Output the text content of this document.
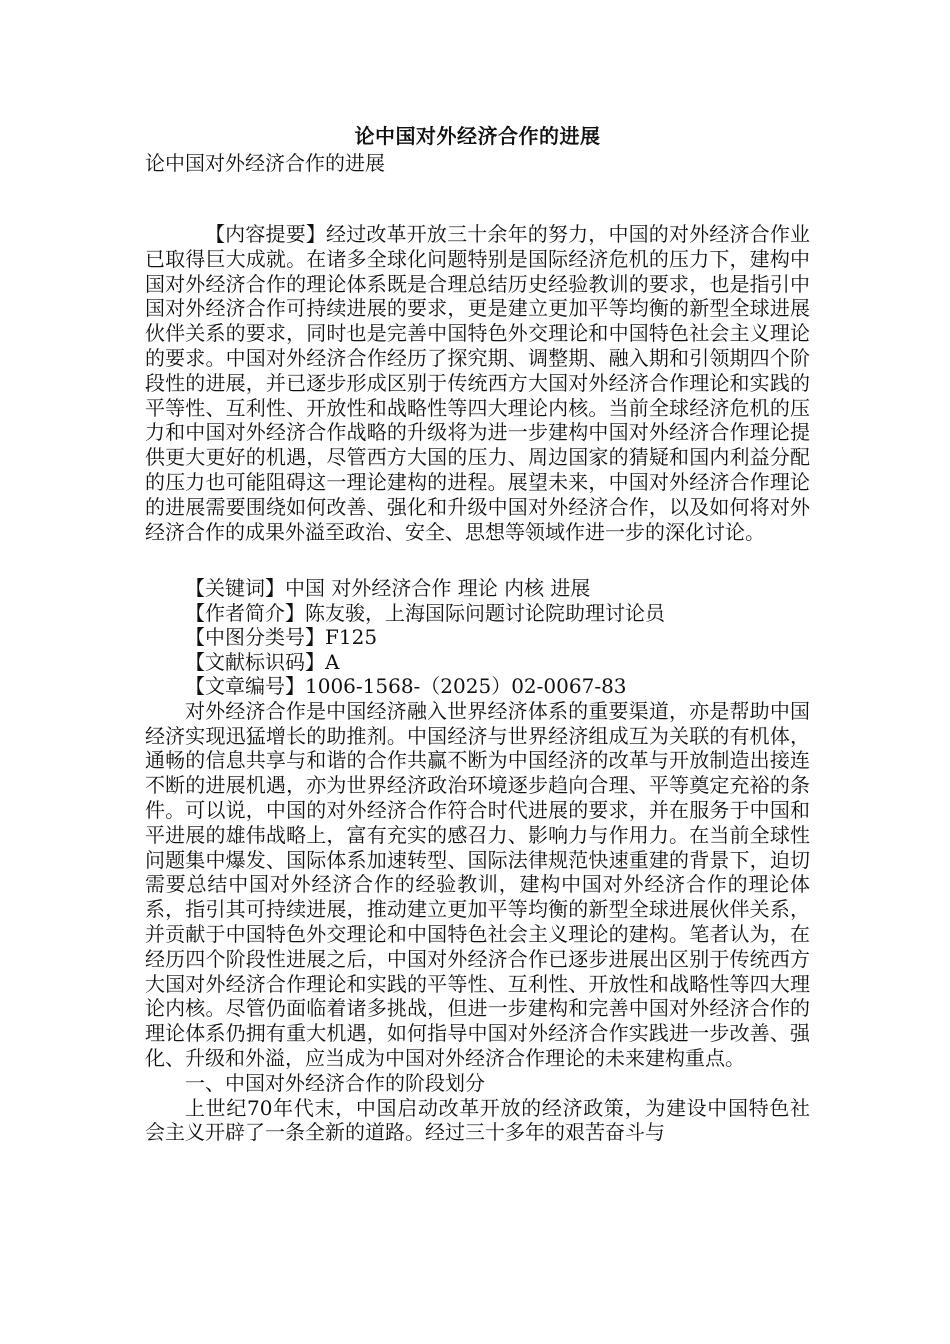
论中国对外经济合作的进展

论中国对外经济合作的进展

【内容提要】经过改革开放三十余年的努力，中国的对外经济合作业已取得巨大成就。在诸多全球化问题特别是国际经济危机的压力下，建构中国对外经济合作的理论体系既是合理总结历史经验教训的要求，也是指引中国对外经济合作可持续进展的要求，更是建立更加平等均衡的新型全球进展伙伴关系的要求，同时也是完善中国特色外交理论和中国特色社会主义理论的要求。中国对外经济合作经历了探究期、调整期、融入期和引领期四个阶段性的进展，并已逐步形成区别于传统西方大国对外经济合作理论和实践的平等性、互利性、开放性和战略性等四大理论内核。当前全球经济危机的压力和中国对外经济合作战略的升级将为进一步建构中国对外经济合作理论提供更大更好的机遇，尽管西方大国的压力、周边国家的猜疑和国内利益分配的压力也可能阻碍这一理论建构的进程。展望未来，中国对外经济合作理论的进展需要围绕如何改善、强化和升级中国对外经济合作，以及如何将对外经济合作的成果外溢至政治、安全、思想等领域作进一步的深化讨论。

【关键词】中国 对外经济合作 理论 内核 进展

【作者简介】陈友骏，上海国际问题讨论院助理讨论员

【中图分类号】F125

【文献标识码】A

【文章编号】1006-1568-（2025）02-0067-83

对外经济合作是中国经济融入世界经济体系的重要渠道，亦是帮助中国经济实现迅猛增长的助推剂。中国经济与世界经济组成互为关联的有机体，通畅的信息共享与和谐的合作共赢不断为中国经济的改革与开放制造出接连不断的进展机遇，亦为世界经济政治环境逐步趋向合理、平等奠定充裕的条件。可以说，中国的对外经济合作符合时代进展的要求，并在服务于中国和平进展的雄伟战略上，富有充实的感召力、影响力与作用力。在当前全球性问题集中爆发、国际体系加速转型、国际法律规范快速重建的背景下，迫切需要总结中国对外经济合作的经验教训，建构中国对外经济合作的理论体系，指引其可持续进展，推动建立更加平等均衡的新型全球进展伙伴关系，并贡献于中国特色外交理论和中国特色社会主义理论的建构。笔者认为，在经历四个阶段性进展之后，中国对外经济合作已逐步进展出区别于传统西方大国对外经济合作理论和实践的平等性、互利性、开放性和战略性等四大理论内核。尽管仍面临着诸多挑战，但进一步建构和完善中国对外经济合作的理论体系仍拥有重大机遇，如何指导中国对外经济合作实践进一步改善、强化、升级和外溢，应当成为中国对外经济合作理论的未来建构重点。

一、中国对外经济合作的阶段划分

上世纪70年代末，中国启动改革开放的经济政策，为建设中国特色社会主义开辟了一条全新的道路。经过三十多年的艰苦奋斗与
